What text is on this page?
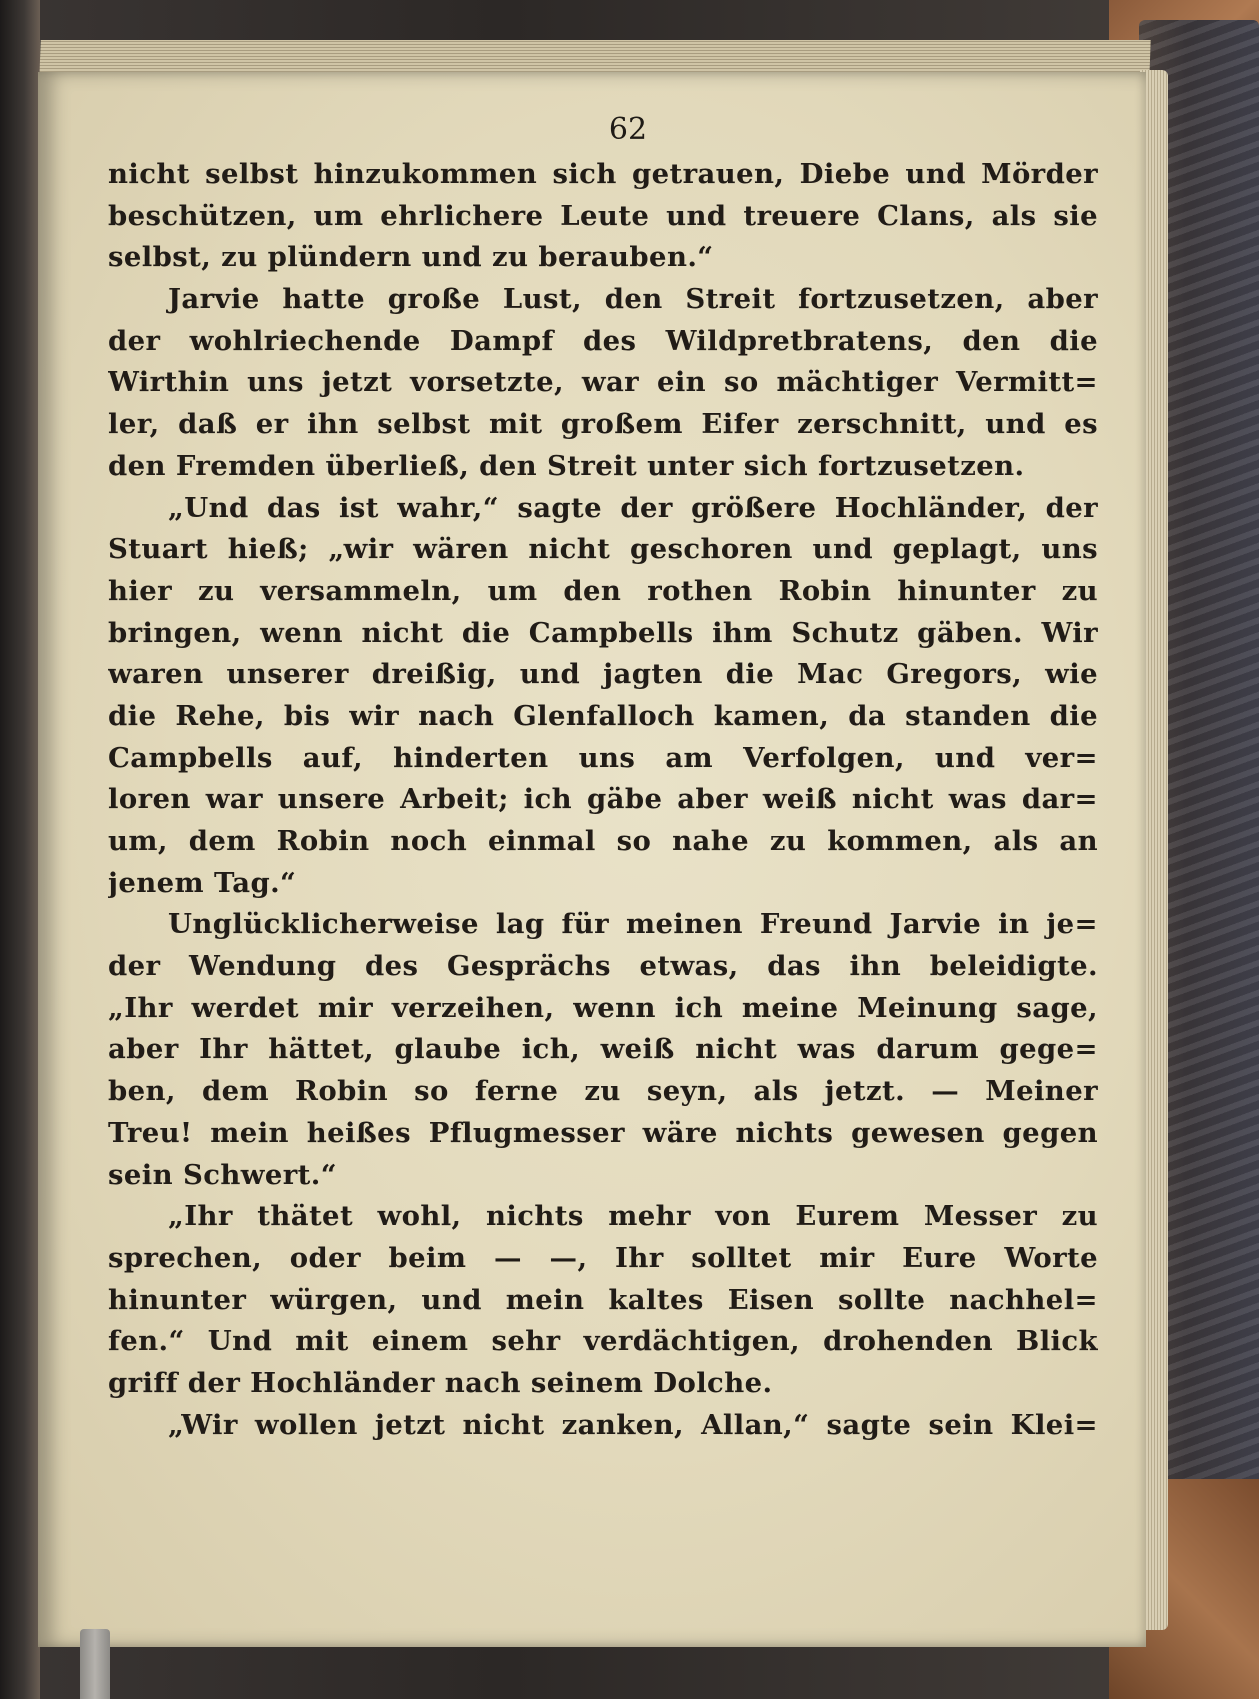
62
nicht selbst hinzukommen sich getrauen, Diebe und Mörder
beschützen, um ehrlichere Leute und treuere Clans, als sie
selbst, zu plündern und zu berauben.“
Jarvie hatte große Lust, den Streit fortzusetzen, aber
der wohlriechende Dampf des Wildpretbratens, den die
Wirthin uns jetzt vorsetzte, war ein so mächtiger Vermitt=
ler, daß er ihn selbst mit großem Eifer zerschnitt, und es
den Fremden überließ, den Streit unter sich fortzusetzen.
„Und das ist wahr,“ sagte der größere Hochländer, der
Stuart hieß; „wir wären nicht geschoren und geplagt, uns
hier zu versammeln, um den rothen Robin hinunter zu
bringen, wenn nicht die Campbells ihm Schutz gäben. Wir
waren unserer dreißig, und jagten die Mac Gregors, wie
die Rehe, bis wir nach Glenfalloch kamen, da standen die
Campbells auf, hinderten uns am Verfolgen, und ver=
loren war unsere Arbeit; ich gäbe aber weiß nicht was dar=
um, dem Robin noch einmal so nahe zu kommen, als an
jenem Tag.“
Unglücklicherweise lag für meinen Freund Jarvie in je=
der Wendung des Gesprächs etwas, das ihn beleidigte.
„Ihr werdet mir verzeihen, wenn ich meine Meinung sage,
aber Ihr hättet, glaube ich, weiß nicht was darum gege=
ben, dem Robin so ferne zu seyn, als jetzt. — Meiner
Treu! mein heißes Pflugmesser wäre nichts gewesen gegen
sein Schwert.“
„Ihr thätet wohl, nichts mehr von Eurem Messer zu
sprechen, oder beim — —, Ihr solltet mir Eure Worte
hinunter würgen, und mein kaltes Eisen sollte nachhel=
fen.“ Und mit einem sehr verdächtigen, drohenden Blick
griff der Hochländer nach seinem Dolche.
„Wir wollen jetzt nicht zanken, Allan,“ sagte sein Klei=
